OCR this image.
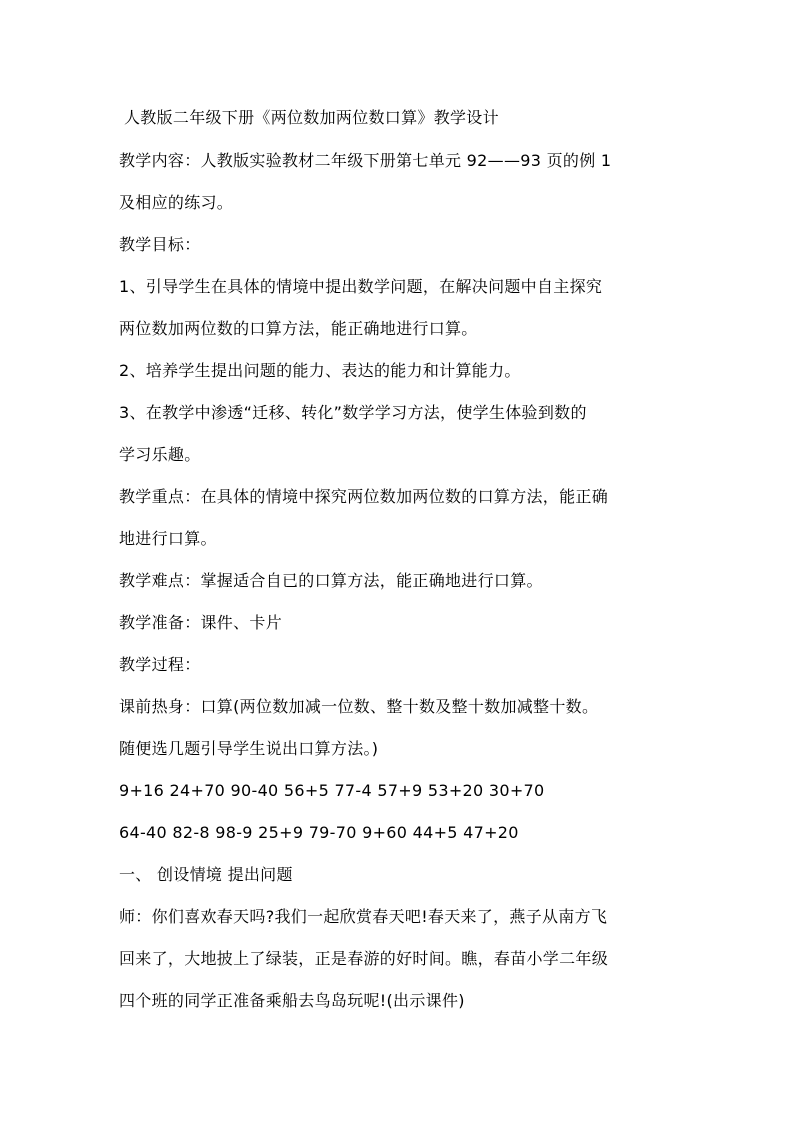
人教版二年级下册《两位数加两位数口算》教学设计
教学内容：人教版实验教材二年级下册第七单元 92——93 页的例 1
及相应的练习。
教学目标：
1、引导学生在具体的情境中提出数学问题，在解决问题中自主探究
两位数加两位数的口算方法，能正确地进行口算。
2、培养学生提出问题的能力、表达的能力和计算能力。
3、在教学中渗透“迁移、转化”数学学习方法，使学生体验到数的
学习乐趣。
教学重点：在具体的情境中探究两位数加两位数的口算方法，能正确
地进行口算。
教学难点：掌握适合自已的口算方法，能正确地进行口算。
教学准备：课件、卡片
教学过程：
课前热身：口算(两位数加减一位数、整十数及整十数加减整十数。
随便选几题引导学生说出口算方法。)
9+16 24+70 90-40 56+5 77-4 57+9 53+20 30+70
64-40 82-8 98-9 25+9 79-70 9+60 44+5 47+20
一、 创设情境 提出问题
师：你们喜欢春天吗?我们一起欣赏春天吧!春天来了，燕子从南方飞
回来了，大地披上了绿装，正是春游的好时间。瞧，春苗小学二年级
四个班的同学正准备乘船去鸟岛玩呢!(出示课件)
